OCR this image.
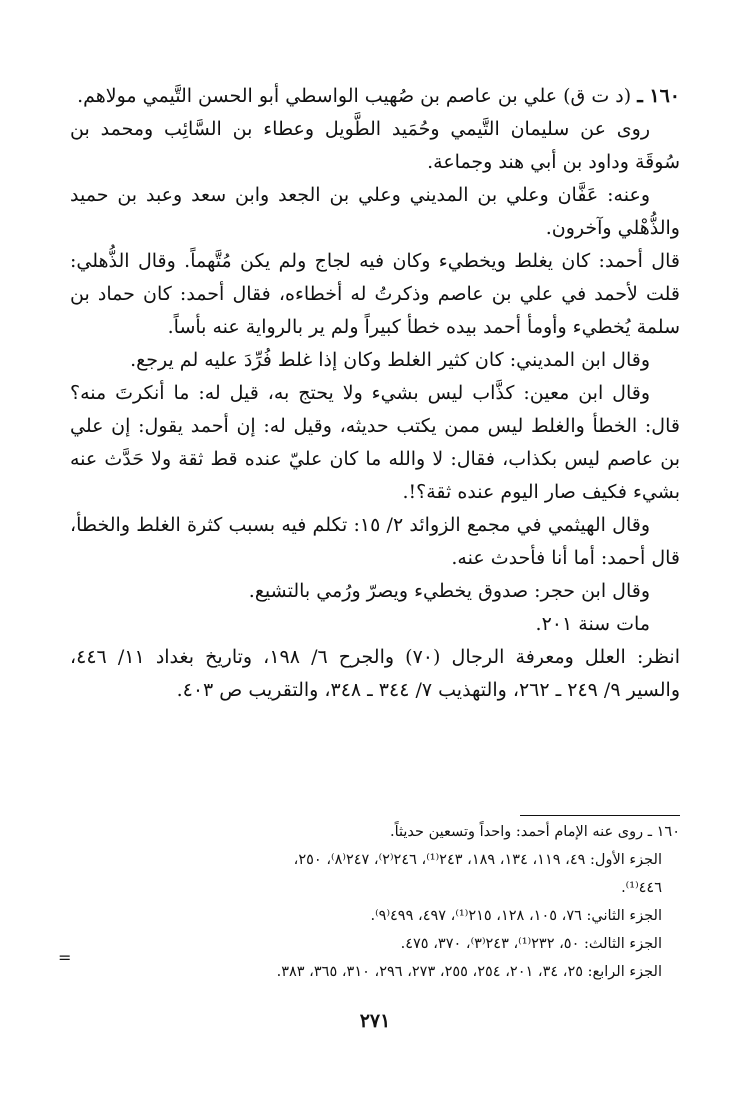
١٦٠ ـ (د ت ق) علي بن عاصم بن صُهيب الواسطي أبو الحسن التَّيمي مولاهم.

روى عن سليمان التَّيمي وحُمَيد الطَّويل وعطاء بن السَّائِب ومحمد بن سُوقَة وداود بن أبي هند وجماعة.

وعنه: عَفَّان وعلي بن المديني وعلي بن الجعد وابن سعد وعبد بن حميد والذُّهْلي وآخرون.

قال أحمد: كان يغلط ويخطيء وكان فيه لجاج ولم يكن مُتَّهماً. وقال الذُّهلي: قلت لأحمد في علي بن عاصم وذكرتُ له أخطاءه، فقال أحمد: كان حماد بن سلمة يُخطيء وأومأ أحمد بيده خطأ كبيراً ولم ير بالرواية عنه بأساً.

وقال ابن المديني: كان كثير الغلط وكان إذا غلط فُرِّدَ عليه لم يرجع.

وقال ابن معين: كذَّاب ليس بشيء ولا يحتج به، قيل له: ما أنكرتَ منه؟ قال: الخطأ والغلط ليس ممن يكتب حديثه، وقيل له: إن أحمد يقول: إن علي بن عاصم ليس بكذاب، فقال: لا والله ما كان عليّ عنده قط ثقة ولا حَدَّث عنه بشيء فكيف صار اليوم عنده ثقة؟!.

وقال الهيثمي في مجمع الزوائد ٢/ ١٥: تكلم فيه بسبب كثرة الغلط والخطأ، قال أحمد: أما أنا فأحدث عنه.

وقال ابن حجر: صدوق يخطيء ويصرّ ورُمي بالتشيع.

مات سنة ٢٠١.

انظر: العلل ومعرفة الرجال (٧٠) والجرح ٦/ ١٩٨، وتاريخ بغداد ١١/ ٤٤٦، والسير ٩/ ٢٤٩ ـ ٢٦٢، والتهذيب ٧/ ٣٤٤ ـ ٣٤٨، والتقريب ص ٤٠٣.

١٦٠ ـ روى عنه الإمام أحمد: واحداً وتسعين حديثاً.

الجزء الأول: ٤٩، ١١٩، ١٣٤، ١٨٩، ٢٤٣⁽¹⁾، ٢٤٦⁽٢⁾، ٢٤٧⁽٨⁾، ٢٥٠،

٤٤٦⁽¹⁾.

الجزء الثاني: ٧٦، ١٠٥، ١٢٨، ٢١٥⁽¹⁾، ٤٩٧، ٤٩٩⁽٩⁾.

الجزء الثالث: ٥٠، ٢٣٢⁽¹⁾، ٢٤٣⁽٣⁾، ٣٧٠، ٤٧٥.

الجزء الرابع: ٢٥، ٣٤، ٢٠١، ٢٥٤، ٢٥٥، ٢٧٣، ٢٩٦، ٣١٠، ٣٦٥، ٣٨٣.

=
٢٧١
